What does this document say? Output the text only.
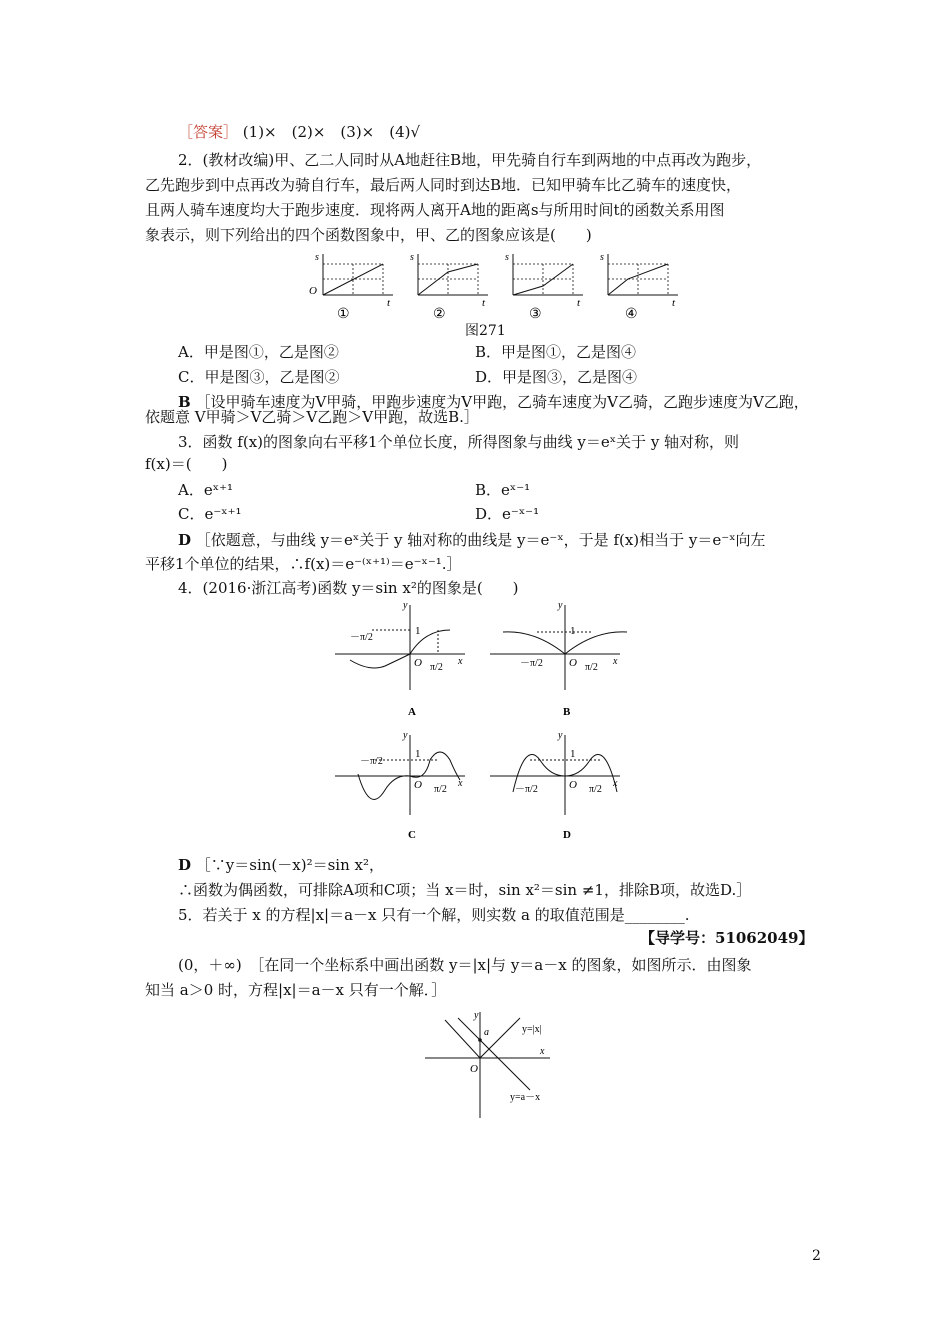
［答案］ (1)×　(2)×　(3)×　(4)√
2．(教材改编)甲、乙二人同时从A地赶往B地，甲先骑自行车到两地的中点再改为跑步，
乙先跑步到中点再改为骑自行车，最后两人同时到达B地．已知甲骑车比乙骑车的速度快，
且两人骑车速度均大于跑步速度．现将两人离开A地的距离s与所用时间t的函数关系用图
象表示，则下列给出的四个函数图象中，甲、乙的图象应该是(　　)
s
t
s
t
s
t
s
t
O
①	②	③	④
图271
A．甲是图①，乙是图②	B．甲是图①，乙是图④
C．甲是图③，乙是图②	D．甲是图③，乙是图④
B ［设甲骑车速度为V甲骑，甲跑步速度为V甲跑，乙骑车速度为V乙骑，乙跑步速度为V乙跑，
依题意 V甲骑＞V乙骑＞V乙跑＞V甲跑，故选B.］
3．函数 f(x)的图象向右平移1个单位长度，所得图象与曲线 y＝eˣ关于 y 轴对称，则
f(x)＝(　　)
A．eˣ⁺¹	B．eˣ⁻¹
C．e⁻ˣ⁺¹	D．e⁻ˣ⁻¹
D ［依题意，与曲线 y＝eˣ关于 y 轴对称的曲线是 y＝e⁻ˣ，于是 f(x)相当于 y＝e⁻ˣ向左
平移1个单位的结果，∴f(x)＝e⁻⁽ˣ⁺¹⁾＝e⁻ˣ⁻¹.］
4．(2016·浙江高考)函数 y＝sin x²的图象是(　　)
y
1
O	x
－π/2
π/2
A
y
1
O	x
－π/2	π/2
B
y
1
O	x
－π/2
π/2
C
y
1
O	x
－π/2	π/2
D
D ［∵y＝sin(－x)²＝sin x²，
∴函数为偶函数，可排除A项和C项；当 x＝时，sin x²＝sin ≠1，排除B项，故选D.］
5．若关于 x 的方程|x|＝a－x 只有一个解，则实数 a 的取值范围是________.
【导学号：51062049】
(0，＋∞)　［在同一个坐标系中画出函数 y＝|x|与 y＝a－x 的图象，如图所示．由图象
知当 a＞0 时，方程|x|＝a－x 只有一个解．］
y
a
O
x
y=|x|
y=a－x
2
